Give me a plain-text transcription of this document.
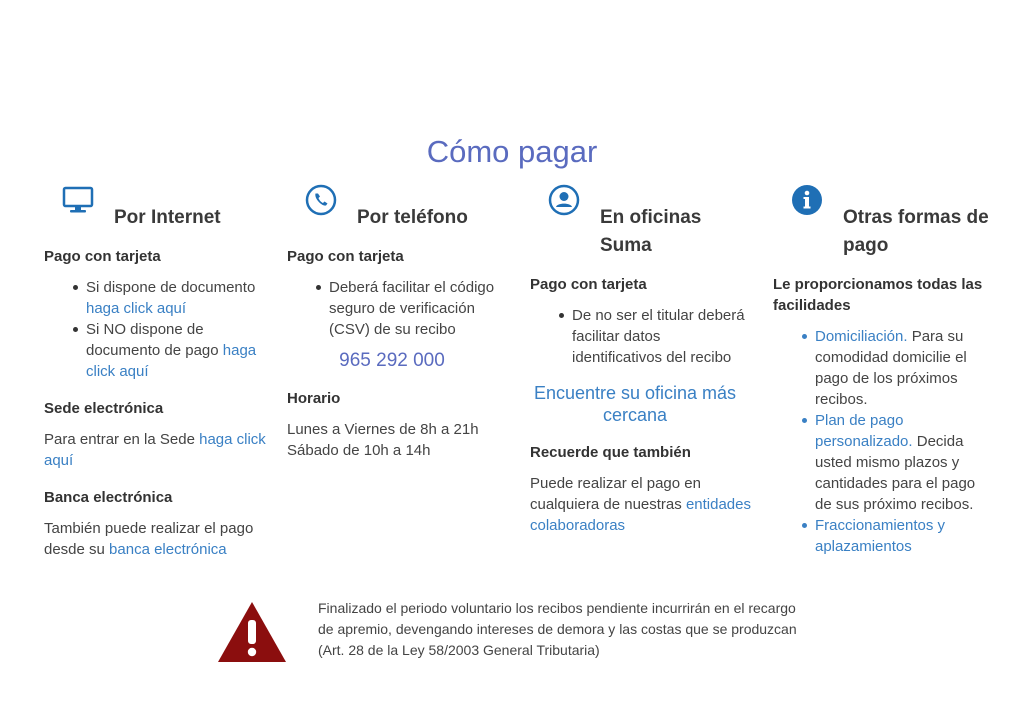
Cómo pagar
Por Internet
Pago con tarjeta
Si dispone de documento haga click aquí
Si NO dispone de documento de pago haga click aquí
Sede electrónica
Para entrar en la Sede haga click aquí
Banca electrónica
También puede realizar el pago desde su banca electrónica
Por teléfono
Pago con tarjeta
Deberá facilitar el código seguro de verificación (CSV) de su recibo
965 292 000
Horario
Lunes a Viernes de 8h a 21h
Sábado de 10h a 14h
En oficinas Suma
Pago con tarjeta
De no ser el titular deberá facilitar datos identificativos del recibo
Encuentre su oficina más cercana
Recuerde que también
Puede realizar el pago en cualquiera de nuestras entidades colaboradoras
Otras formas de pago
Le proporcionamos todas las facilidades
Domiciliación. Para su comodidad domicilie el pago de los próximos recibos.
Plan de pago personalizado. Decida usted mismo plazos y cantidades para el pago de sus próximo recibos.
Fraccionamientos y aplazamientos
Finalizado el periodo voluntario los recibos pendiente incurrirán en el recargo de apremio, devengando intereses de demora y las costas que se produzcan (Art. 28 de la Ley 58/2003 General Tributaria)
